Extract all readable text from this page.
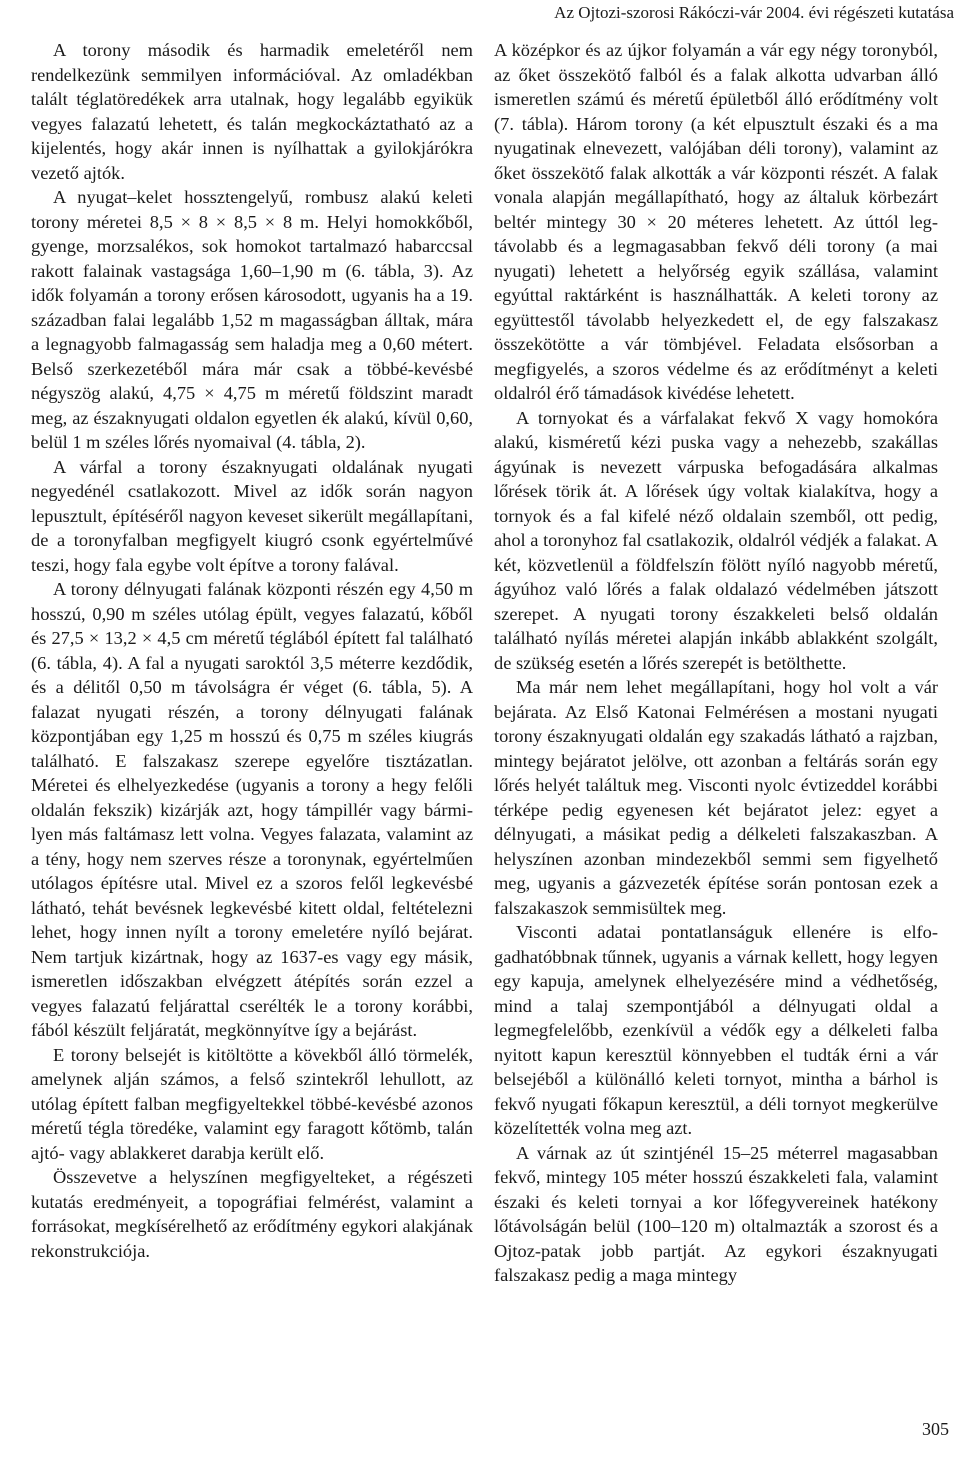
Az Ojtozi-szorosi Rákóczi-vár 2004. évi régészeti kutatása

A torony második és harmadik emeletéről nem rendelkezünk semmilyen információval. Az omladékban talált téglatöredékek arra utalnak, hogy legalább egyikük vegyes falazatú lehetett, és talán megkockáztatható az a kijelentés, hogy akár innen is nyílhattak a gyilokjárókra vezető ajtók.

A nyugat–kelet hossztengelyű, rombusz alakú keleti torony méretei 8,5 × 8 × 8,5 × 8 m. Helyi homokkőből, gyenge, morzsalékos, sok homokot tartalmazó habarccsal rakott falainak vastagsága 1,60–1,90 m (6. tábla, 3). Az idők folyamán a torony erősen károsodott, ugyanis ha a 19. században falai legalább 1,52 m magasságban álltak, mára a legnagyobb falmagasság sem haladja meg a 0,60 métert. Belső szerkezetéből mára már csak a többé-kevésbé négyszög alakú, 4,75 × 4,75 m méretű földszint maradt meg, az északnyugati oldalon egyetlen ék alakú, kívül 0,60, belül 1 m széles lőrés nyomaival (4. tábla, 2).

A várfal a torony északnyugati oldalának nyugati negyedénél csatlakozott. Mivel az idők során nagyon lepusztult, építéséről nagyon keveset sikerült megállapítani, de a toronyfalban megfigyelt kiugró csonk egyértelművé teszi, hogy fala egybe volt építve a torony falával.

A torony délnyugati falának központi részén egy 4,50 m hosszú, 0,90 m széles utólag épült, vegyes falazatú, kőből és 27,5 × 13,2 × 4,5 cm méretű téglából épített fal található (6. tábla, 4). A fal a nyugati saroktól 3,5 méterre kezdődik, és a délitől 0,50 m távolságra ér véget (6. tábla, 5). A falazat nyugati részén, a torony délnyugati falának központjában egy 1,25 m hosszú és 0,75 m széles kiugrás található. E falszakasz szerepe egyelőre tisztázatlan. Méretei és elhelyezkedése (ugyanis a torony a hegy felőli oldalán fekszik) kizárják azt, hogy támpillér vagy bármilyen más faltámasz lett volna. Vegyes falazata, valamint az a tény, hogy nem szerves része a toronynak, egyértelműen utólagos építésre utal. Mivel ez a szoros felől legkevésbé látható, tehát bevésnek legkevésbé kitett oldal, feltételezni lehet, hogy innen nyílt a torony emeletére nyíló bejárat. Nem tartjuk kizártnak, hogy az 1637-es vagy egy másik, ismeretlen időszakban elvégzett átépítés során ezzel a vegyes falazatú feljárattal cserélték le a torony korábbi, fából készült feljáratát, megkönnyítve így a bejárást.

E torony belsejét is kitöltötte a kövekből álló törmelék, amelynek alján számos, a felső szintekről lehullott, az utólag épített falban megfigyeltekkel többé-kevésbé azonos méretű tégla töredéke, valamint egy faragott kőtömb, talán ajtó- vagy ablakkeret darabja került elő.

Összevetve a helyszínen megfigyelteket, a régészeti kutatás eredményeit, a topográfiai felmérést, valamint a forrásokat, megkísérelhető az erődítmény egykori alakjának rekonstrukciója.

A középkor és az újkor folyamán a vár egy négy toronyból, az őket összekötő falból és a falak alkotta udvarban álló ismeretlen számú és méretű épületből álló erődítmény volt (7. tábla). Három torony (a két elpusztult északi és a ma nyugatinak elnevezett, valójában déli torony), valamint az őket összekötő falak alkották a vár központi részét. A falak vonala alapján megállapítható, hogy az általuk körbezárt beltér mintegy 30 × 20 méteres lehetett. Az úttól legtávolabb és a legmagasabban fekvő déli torony (a mai nyugati) lehetett a helyőrség egyik szállása, valamint egyúttal raktárként is használhatták. A keleti torony az együttestől távolabb helyezkedett el, de egy falszakasz összekötötte a vár tömbjével. Feladata elsősorban a megfigyelés, a szoros védelme és az erődítményt a keleti oldalról érő támadások kivédése lehetett.

A tornyokat és a várfalakat fekvő X vagy homokóra alakú, kisméretű kézi puska vagy a nehezebb, szakállas ágyúnak is nevezett várpuska befogadására alkalmas lőrések törik át. A lőrések úgy voltak kialakítva, hogy a tornyok és a fal kifelé néző oldalain szemből, ott pedig, ahol a toronyhoz fal csatlakozik, oldalról védjék a falakat. A két, közvetlenül a földfelszín fölött nyíló nagyobb méretű, ágyúhoz való lőrés a falak oldalazó védelmében játszott szerepet. A nyugati torony északkeleti belső oldalán található nyílás méretei alapján inkább ablakként szolgált, de szükség esetén a lőrés szerepét is betölthette.

Ma már nem lehet megállapítani, hogy hol volt a vár bejárata. Az Első Katonai Felmérésen a mostani nyugati torony északnyugati oldalán egy szakadás látható a rajzban, mintegy bejáratot jelölve, ott azonban a feltárás során egy lőrés helyét találtuk meg. Visconti nyolc évtizeddel korábbi térképe pedig egyenesen két bejáratot jelez: egyet a délnyugati, a másikat pedig a délkeleti falszakaszban. A helyszínen azonban mindezekből semmi sem figyelhető meg, ugyanis a gázvezeték építése során pontosan ezek a falszakaszok semmisültek meg.

Visconti adatai pontatlanságuk ellenére is elfogadhatóbbnak tűnnek, ugyanis a várnak kellett, hogy legyen egy kapuja, amelynek elhelyezésére mind a védhetőség, mind a talaj szempontjából a délnyugati oldal a legmegfelelőbb, ezenkívül a védők egy a délkeleti falba nyitott kapun keresztül könnyebben el tudták érni a vár belsejéből a különálló keleti tornyot, mintha a bárhol is fekvő nyugati főkapun keresztül, a déli tornyot megkerülve közelítették volna meg azt.

A várnak az út szintjénél 15–25 méterrel magasabban fekvő, mintegy 105 méter hosszú északkeleti fala, valamint északi és keleti tornyai a kor lőfegyvereinek hatékony lőtávolságán belül (100–120 m) oltalmazták a szorost és a Ojtoz-patak jobb partját. Az egykori északnyugati falszakasz pedig a maga mintegy

305
